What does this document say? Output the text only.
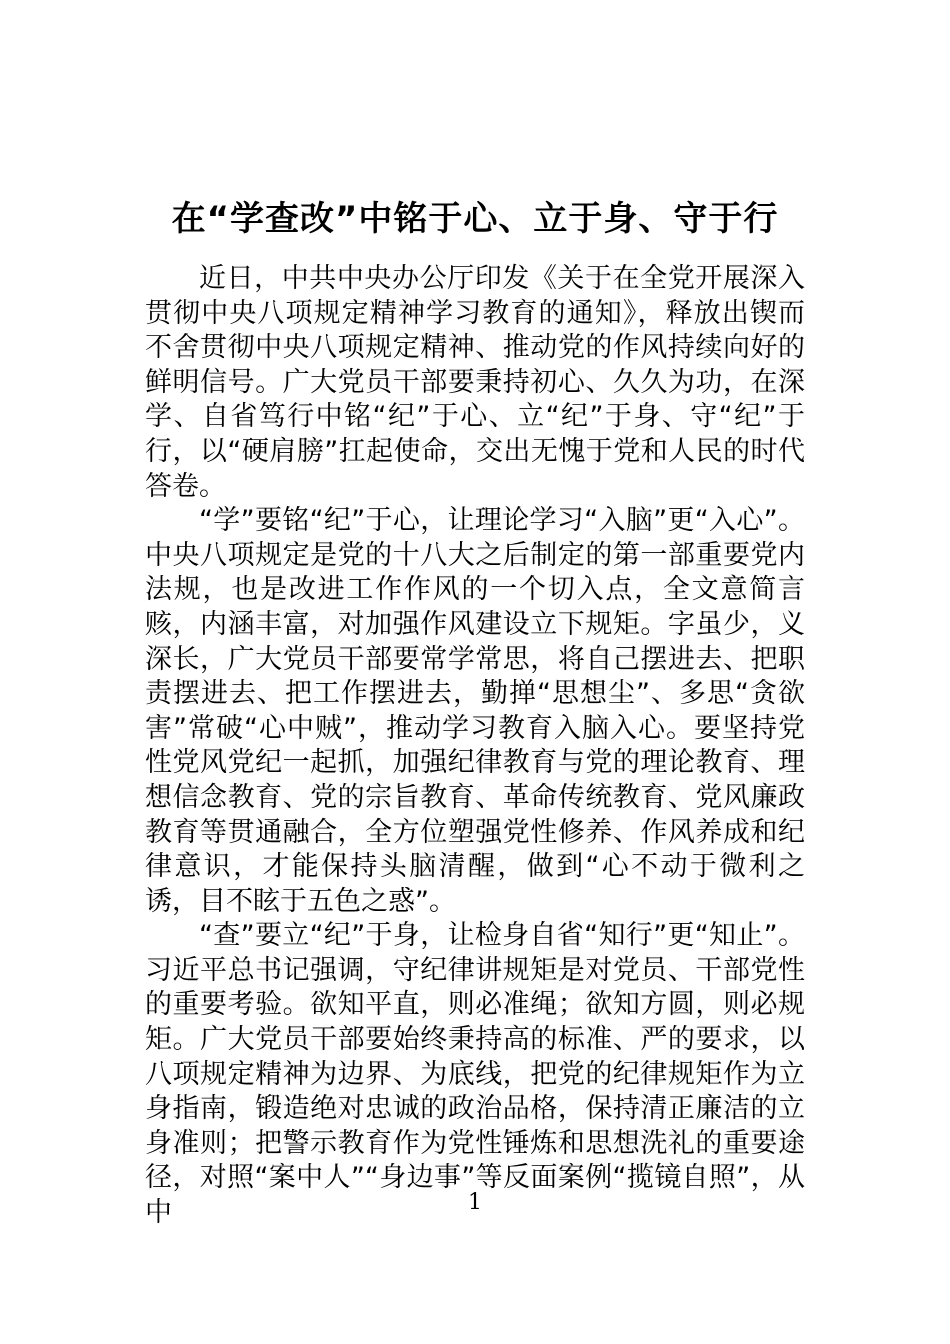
在“学查改”中铭于心、立于身、守于行

近日，中共中央办公厅印发《关于在全党开展深入贯彻中央八项规定精神学习教育的通知》，释放出锲而不舍贯彻中央八项规定精神、推动党的作风持续向好的鲜明信号。广大党员干部要秉持初心、久久为功，在深学、自省笃行中铭“纪”于心、立“纪”于身、守“纪”于行，以“硬肩膀”扛起使命，交出无愧于党和人民的时代答卷。

“学”要铭“纪”于心，让理论学习“入脑”更“入心”。中央八项规定是党的十八大之后制定的第一部重要党内法规，也是改进工作作风的一个切入点，全文意简言赅，内涵丰富，对加强作风建设立下规矩。字虽少，义深长，广大党员干部要常学常思，将自己摆进去、把职责摆进去、把工作摆进去，勤掸“思想尘”、多思“贪欲害”常破“心中贼”，推动学习教育入脑入心。要坚持党性党风党纪一起抓，加强纪律教育与党的理论教育、理想信念教育、党的宗旨教育、革命传统教育、党风廉政教育等贯通融合，全方位塑强党性修养、作风养成和纪律意识，才能保持头脑清醒，做到“心不动于微利之诱，目不眩于五色之惑”。

“查”要立“纪”于身，让检身自省“知行”更“知止”。习近平总书记强调，守纪律讲规矩是对党员、干部党性的重要考验。欲知平直，则必准绳；欲知方圆，则必规矩。广大党员干部要始终秉持高的标准、严的要求，以八项规定精神为边界、为底线，把党的纪律规矩作为立身指南，锻造绝对忠诚的政治品格，保持清正廉洁的立身准则；把警示教育作为党性锤炼和思想洗礼的重要途径，对照“案中人”“身边事”等反面案例“揽镜自照”，从中	1
